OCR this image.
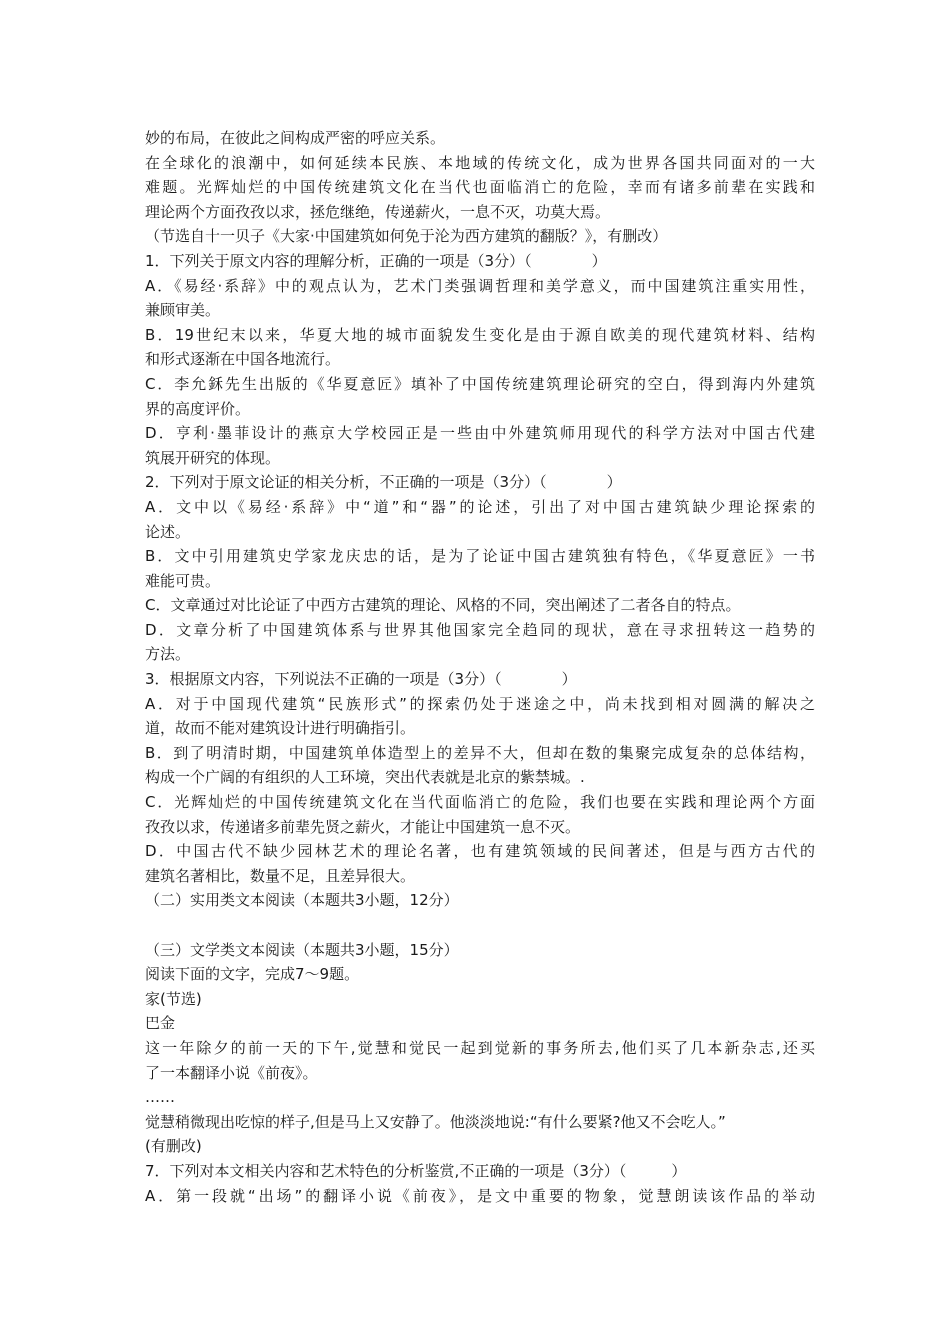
妙的布局，在彼此之间构成严密的呼应关系。

在全球化的浪潮中，如何延续本民族、本地域的传统文化，成为世界各国共同面对的一大

难题。光辉灿烂的中国传统建筑文化在当代也面临消亡的危险，幸而有诸多前辈在实践和

理论两个方面孜孜以求，拯危继绝，传递薪火，一息不灭，功莫大焉。

（节选自十一贝子《大家·中国建筑如何免于沦为西方建筑的翻版？》，有删改）

1．下列关于原文内容的理解分析，正确的一项是（3分）（　　　　）

A．《易经·系辞》中的观点认为，艺术门类强调哲理和美学意义，而中国建筑注重实用性，

兼顾审美。

B．19世纪末以来，华夏大地的城市面貌发生变化是由于源自欧美的现代建筑材料、结构

和形式逐渐在中国各地流行。

C．李允鉌先生出版的《华夏意匠》填补了中国传统建筑理论研究的空白，得到海内外建筑

界的高度评价。

D．亨利·墨菲设计的燕京大学校园正是一些由中外建筑师用现代的科学方法对中国古代建

筑展开研究的体现。

2．下列对于原文论证的相关分析，不正确的一项是（3分）（　　　　）

A．文中以《易经·系辞》中“道”和“器”的论述，引出了对中国古建筑缺少理论探索的

论述。

B．文中引用建筑史学家龙庆忠的话，是为了论证中国古建筑独有特色，《华夏意匠》一书

难能可贵。

C．文章通过对比论证了中西方古建筑的理论、风格的不同，突出阐述了二者各自的特点。

D．文章分析了中国建筑体系与世界其他国家完全趋同的现状，意在寻求扭转这一趋势的

方法。

3．根据原文内容，下列说法不正确的一项是（3分）（　　　　）

A．对于中国现代建筑“民族形式”的探索仍处于迷途之中，尚未找到相对圆满的解决之

道，故而不能对建筑设计进行明确指引。

B．到了明清时期，中国建筑单体造型上的差异不大，但却在数的集聚完成复杂的总体结构，

构成一个广阔的有组织的人工环境，突出代表就是北京的紫禁城。.

C．光辉灿烂的中国传统建筑文化在当代面临消亡的危险，我们也要在实践和理论两个方面

孜孜以求，传递诸多前辈先贤之薪火，才能让中国建筑一息不灭。

D．中国古代不缺少园林艺术的理论名著，也有建筑领域的民间著述，但是与西方古代的

建筑名著相比，数量不足，且差异很大。

（二）实用类文本阅读（本题共3小题，12分）

（三）文学类文本阅读（本题共3小题，15分）

阅读下面的文字，完成7～9题。

家(节选)

巴金

这一年除夕的前一天的下午,觉慧和觉民一起到觉新的事务所去,他们买了几本新杂志,还买

了一本翻译小说《前夜》。

……

觉慧稍微现出吃惊的样子,但是马上又安静了。他淡淡地说:“有什么要紧?他又不会吃人。”

(有删改)

7．下列对本文相关内容和艺术特色的分析鉴赏,不正确的一项是（3分）（　　　）

A．第一段就“出场”的翻译小说《前夜》，是文中重要的物象，觉慧朗读该作品的举动
